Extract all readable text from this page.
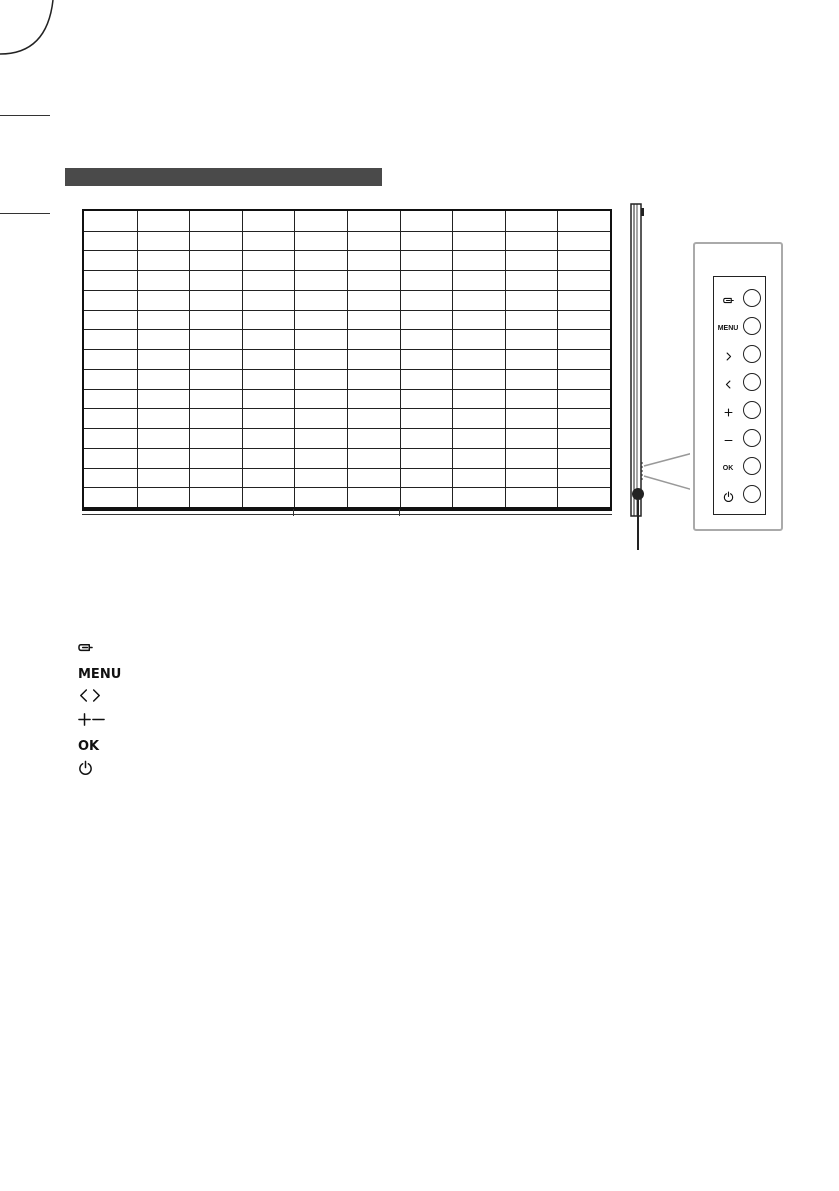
MENU
OK
MENU
OK
